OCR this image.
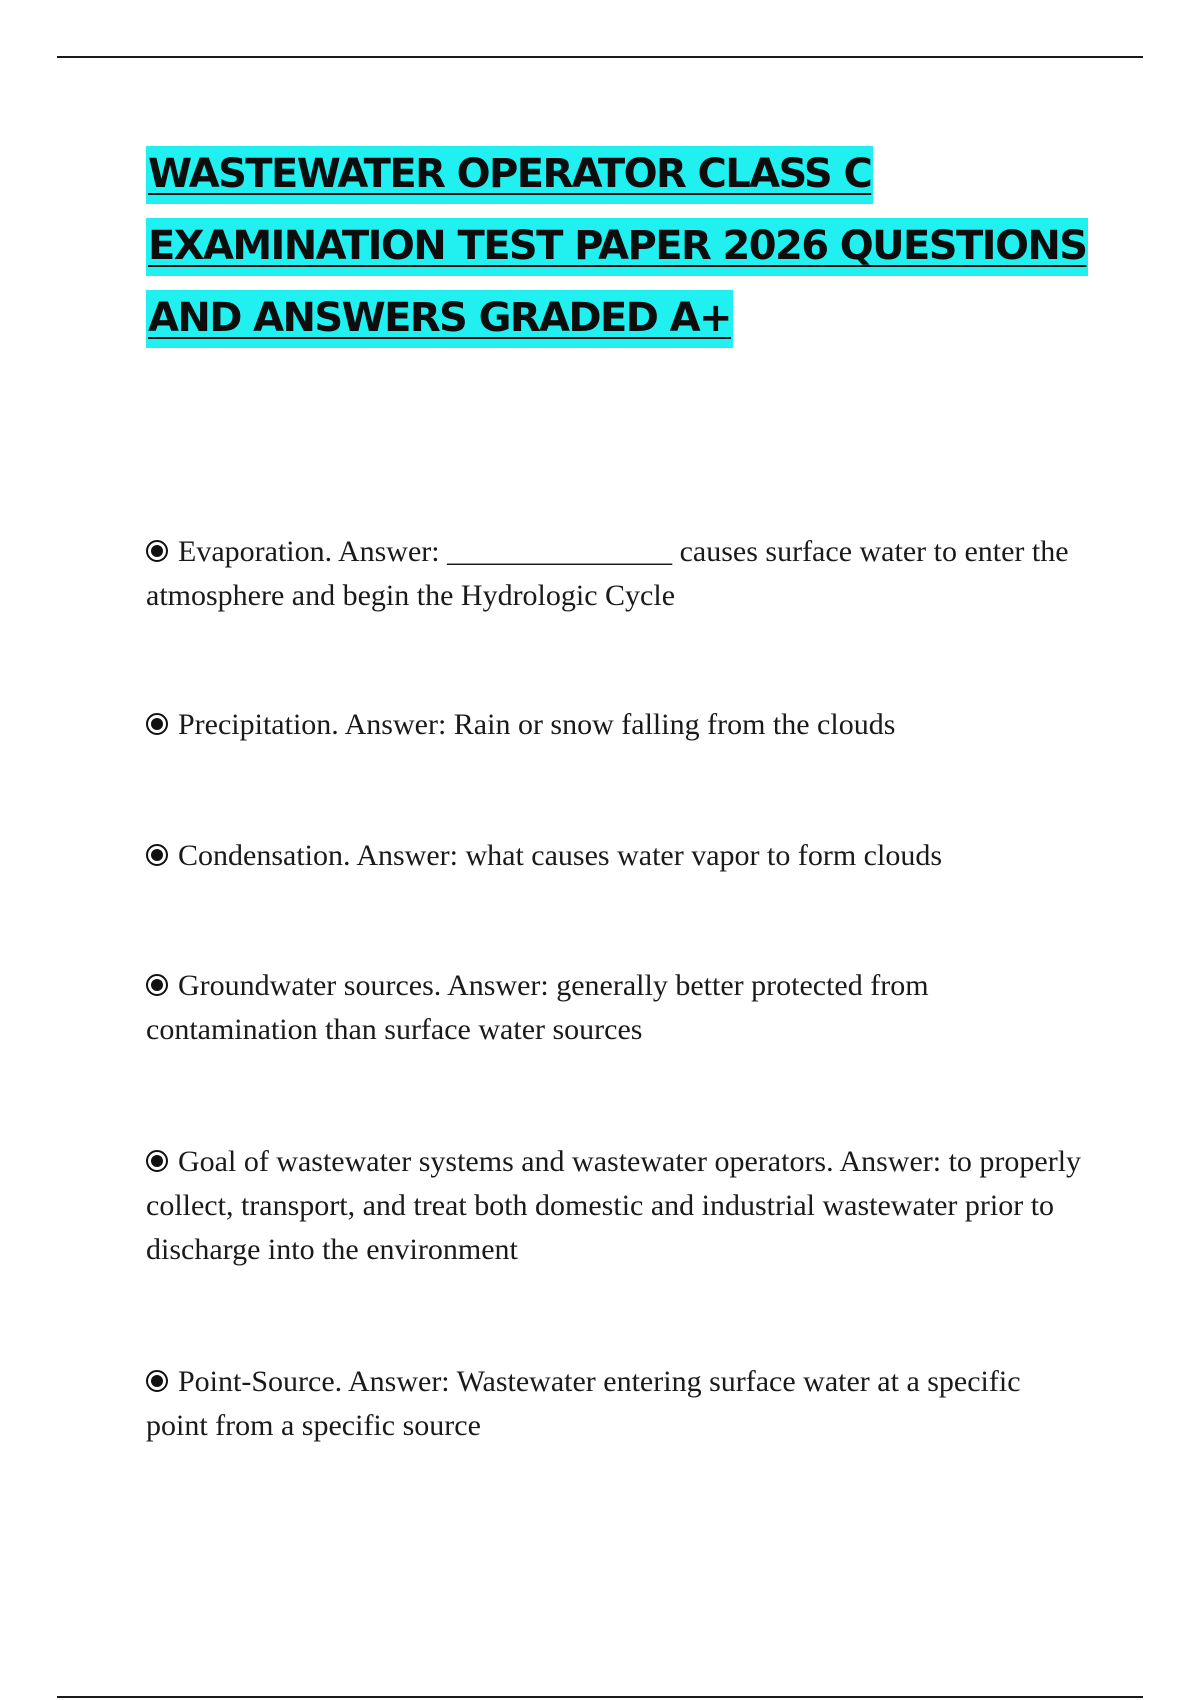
WASTEWATER OPERATOR CLASS C
EXAMINATION TEST PAPER 2026 QUESTIONS
AND ANSWERS GRADED A+
Evaporation. Answer: _______________ causes surface water to enter the atmosphere and begin the Hydrologic Cycle
Precipitation. Answer: Rain or snow falling from the clouds
Condensation. Answer: what causes water vapor to form clouds
Groundwater sources. Answer: generally better protected from contamination than surface water sources
Goal of wastewater systems and wastewater operators. Answer: to properly collect, transport, and treat both domestic and industrial wastewater prior to discharge into the environment
Point-Source. Answer: Wastewater entering surface water at a specific point from a specific source
